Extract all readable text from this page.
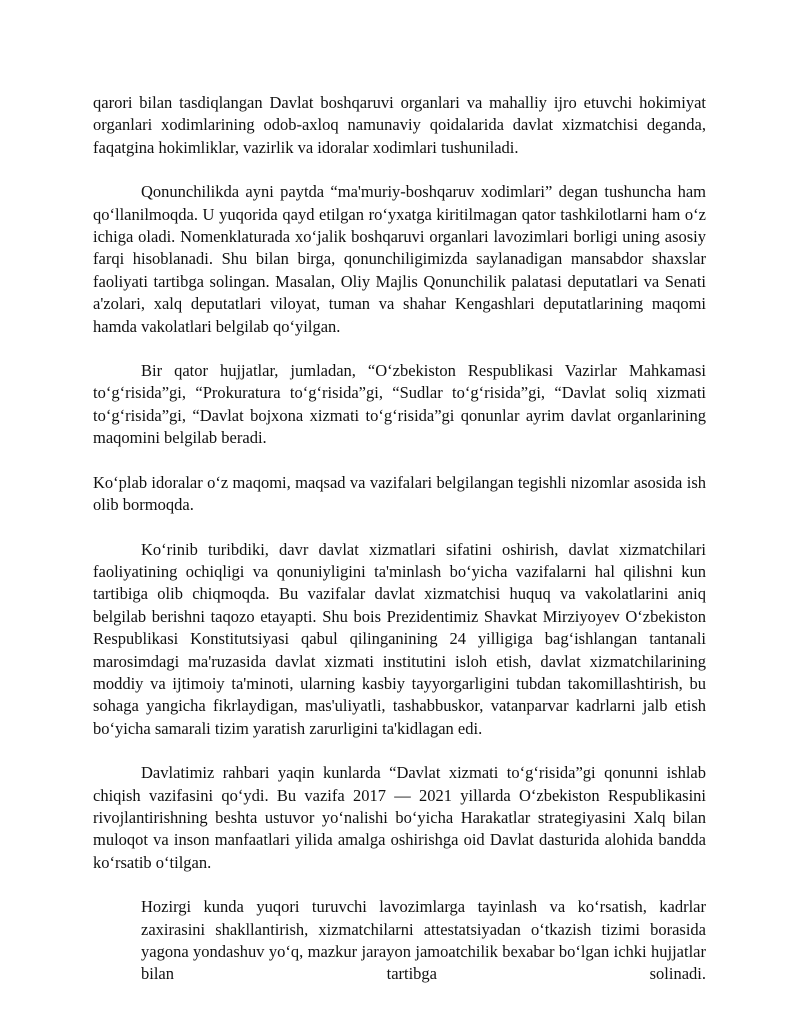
qarori bilan tasdiqlangan Davlat boshqaruvi organlari va mahalliy ijro etuvchi hokimiyat organlari xodimlarining odob-axloq namunaviy qoidalarida davlat xizmatchisi deganda, faqatgina hokimliklar, vazirlik va idoralar xodimlari tushuniladi.

Qonunchilikda ayni paytda “ma'muriy-boshqaruv xodimlari” degan tushuncha ham qo‘llanilmoqda. U yuqorida qayd etilgan ro‘yxatga kiritilmagan qator tashkilotlarni ham o‘z ichiga oladi. Nomenklaturada xo‘jalik boshqaruvi organlari lavozimlari borligi uning asosiy farqi hisoblanadi. Shu bilan birga, qonunchiligimizda saylanadigan mansabdor shaxslar faoliyati tartibga solingan. Masalan, Oliy Majlis Qonunchilik palatasi deputatlari va Senati a'zolari, xalq deputatlari viloyat, tuman va shahar Kengashlari deputatlarining maqomi hamda vakolatlari belgilab qo‘yilgan.

Bir qator hujjatlar, jumladan, “O‘zbekiston Respublikasi Vazirlar Mahkamasi to‘g‘risida”gi, “Prokuratura to‘g‘risida”gi, “Sudlar to‘g‘risida”gi, “Davlat soliq xizmati to‘g‘risida”gi, “Davlat bojxona xizmati to‘g‘risida”gi qonunlar ayrim davlat organlarining maqomini belgilab beradi.

Ko‘plab idoralar o‘z maqomi, maqsad va vazifalari belgilangan tegishli nizomlar asosida ish olib bormoqda.

Ko‘rinib turibdiki, davr davlat xizmatlari sifatini oshirish, davlat xizmatchilari faoliyatining ochiqligi va qonuniyligini ta'minlash bo‘yicha vazifalarni hal qilishni kun tartibiga olib chiqmoqda. Bu vazifalar davlat xizmatchisi huquq va vakolatlarini aniq belgilab berishni taqozo etayapti. Shu bois Prezidentimiz Shavkat Mirziyoyev O‘zbekiston Respublikasi Konstitutsiyasi qabul qilinganining 24 yilligiga bag‘ishlangan tantanali marosimdagi ma'ruzasida davlat xizmati institutini isloh etish, davlat xizmatchilarining moddiy va ijtimoiy ta'minoti, ularning kasbiy tayyorgarligini tubdan takomillashtirish, bu sohaga yangicha fikrlaydigan, mas'uliyatli, tashabbuskor, vatanparvar kadrlarni jalb etish bo‘yicha samarali tizim yaratish zarurligini ta'kidlagan edi.

Davlatimiz rahbari yaqin kunlarda “Davlat xizmati to‘g‘risida”gi qonunni ishlab chiqish vazifasini qo‘ydi. Bu vazifa 2017 — 2021 yillarda O‘zbekiston Respublikasini rivojlantirishning beshta ustuvor yo‘nalishi bo‘yicha Harakatlar strategiyasini Xalq bilan muloqot va inson manfaatlari yilida amalga oshirishga oid Davlat dasturida alohida bandda ko‘rsatib o‘tilgan.

Hozirgi kunda yuqori turuvchi lavozimlarga tayinlash va ko‘rsatish, kadrlar zaxirasini shakllantirish, xizmatchilarni attestatsiyadan o‘tkazish tizimi borasida yagona yondashuv yo‘q, mazkur jarayon jamoatchilik bexabar bo‘lgan ichki hujjatlar bilan tartibga solinadi.
